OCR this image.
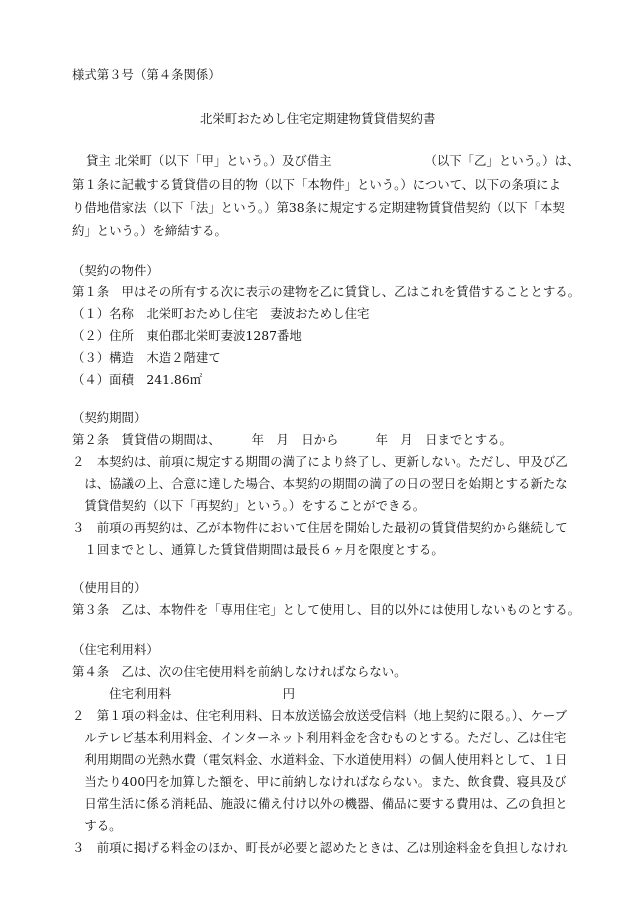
様式第３号（第４条関係）
北栄町おためし住宅定期建物賃貸借契約書
貸主 北栄町（以下「甲」という。）及び借主　　　　　　　　（以下「乙」という。）は、
第１条に記載する賃貸借の目的物（以下「本物件」という。）について、以下の条項によ
り借地借家法（以下「法」という。）第38条に規定する定期建物賃貸借契約（以下「本契
約」という。）を締結する。
（契約の物件）
第１条　甲はその所有する次に表示の建物を乙に賃貸し、乙はこれを賃借することとする。
（１）名称　北栄町おためし住宅　妻波おためし住宅
（２）住所　東伯郡北栄町妻波1287番地
（３）構造　木造２階建て
（４）面積　241.86㎡
（契約期間）
第２条　賃貸借の期間は、　　　年　月　日から　　　年　月　日までとする。
２　本契約は、前項に規定する期間の満了により終了し、更新しない。ただし、甲及び乙
　は、協議の上、合意に達した場合、本契約の期間の満了の日の翌日を始期とする新たな
　賃貸借契約（以下「再契約」という。）をすることができる。
３　前項の再契約は、乙が本物件において住居を開始した最初の賃貸借契約から継続して
　１回までとし、通算した賃貸借期間は最長６ヶ月を限度とする。
（使用目的）
第３条　乙は、本物件を「専用住宅」として使用し、目的以外には使用しないものとする。
（住宅利用料）
第４条　乙は、次の住宅使用料を前納しなければならない。
　　　住宅利用料　　　　　　　　　円
２　第１項の料金は、住宅利用料、日本放送協会放送受信料（地上契約に限る。）、ケーブ
　ルテレビ基本利用料金、インターネット利用料金を含むものとする。ただし、乙は住宅
　利用期間の光熱水費（電気料金、水道料金、下水道使用料）の個人使用料として、１日
　当たり400円を加算した額を、甲に前納しなければならない。また、飲食費、寝具及び
　日常生活に係る消耗品、施設に備え付け以外の機器、備品に要する費用は、乙の負担と
　する。
３　前項に掲げる料金のほか、町長が必要と認めたときは、乙は別途料金を負担しなけれ
